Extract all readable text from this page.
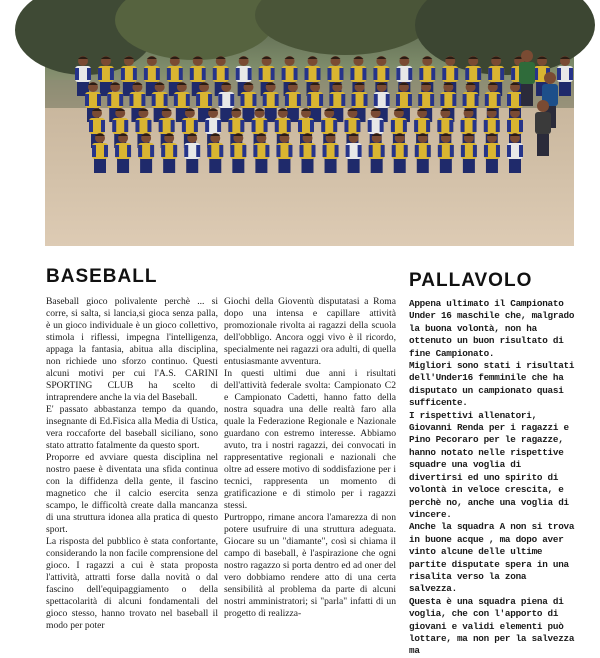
BASEBALL	PALLAVOLO

Baseball gioco polivalente perchè ... si corre, si salta, si lancia,si gioca senza palla, è un gioco individuale è un gioco collettivo, stimola i riflessi, impegna l'intelligenza, appaga la fantasia, abitua alla disciplina, non richiede uno sforzo continuo. Questi alcuni motivi per cui l'A.S. CARINI SPORTING CLUB ha scelto di intraprendere anche la via del Baseball.

E' passato abbastanza tempo da quando, insegnante di Ed.Fisica alla Media di Ustica, vera roccaforte del baseball siciliano, sono stato attratto fatalmente da questo sport.

Proporre ed avviare questa disciplina nel nostro paese è diventata una sfida continua con la diffidenza della gente, il fascino magnetico che il calcio esercita senza scampo, le difficoltà create dalla mancanza di una struttura idonea alla pratica di questo sport.

La risposta del pubblico è stata confortante, considerando la non facile comprensione del gioco. I ragazzi a cui è stata proposta l'attività, attratti forse dalla novità o dal fascino dell'equipaggiamento o della spettacolarità di alcuni fondamentali del gioco stesso, hanno trovato nel baseball il modo per poter

Giochi della Gioventù disputatasi a Roma dopo una intensa e capillare attività promozionale rivolta ai ragazzi della scuola dell'obbligo. Ancora oggi vivo è il ricordo, specialmente nei ragazzi ora adulti, di quella entusiasmante avventura.

In questi ultimi due anni i risultati dell'attività federale svolta: Campionato C2 e Campionato Cadetti, hanno fatto della nostra squadra una delle realtà faro alla quale la Federazione Regionale e Nazionale guardano con estremo interesse. Abbiamo avuto, tra i nostri ragazzi, dei convocati in rappresentative regionali e nazionali che oltre ad essere motivo di soddisfazione per i tecnici, rappresenta un momento di gratificazione e di stimolo per i ragazzi stessi.

Purtroppo, rimane ancora l'amarezza di non potere usufruire di una struttura adeguata. Giocare su un "diamante", così si chiama il campo di baseball, è l'aspirazione che ogni nostro ragazzo si porta dentro ed ad oner del vero dobbiamo rendere atto di una certa sensibilità al problema da parte di alcuni nostri amministratori; si "parla" infatti di un progetto di realizza-

Appena ultimato il Campionato Under 16 maschile che, malgrado la buona volontà, non ha ottenuto un buon risultato di fine Campionato.

Migliori sono stati i risultati dell'Under16 femminile che ha disputato un campionato quasi sufficente.

I rispettivi allenatori, Giovanni Renda per i ragazzi e Pino Pecoraro per le ragazze, hanno notato nelle rispettive squadre una voglia di divertirsi ed uno spirito di volontà in veloce crescita, e perchè no, anche una voglia di vincere.

Anche la squadra A non si trova in buone acque , ma dopo aver vinto alcune delle ultime partite disputate spera in una risalita verso la zona salvezza.

Questa è una squadra piena di voglia, che con l'apporto di giovani e validi elementi può lottare, ma non per la salvezza ma
